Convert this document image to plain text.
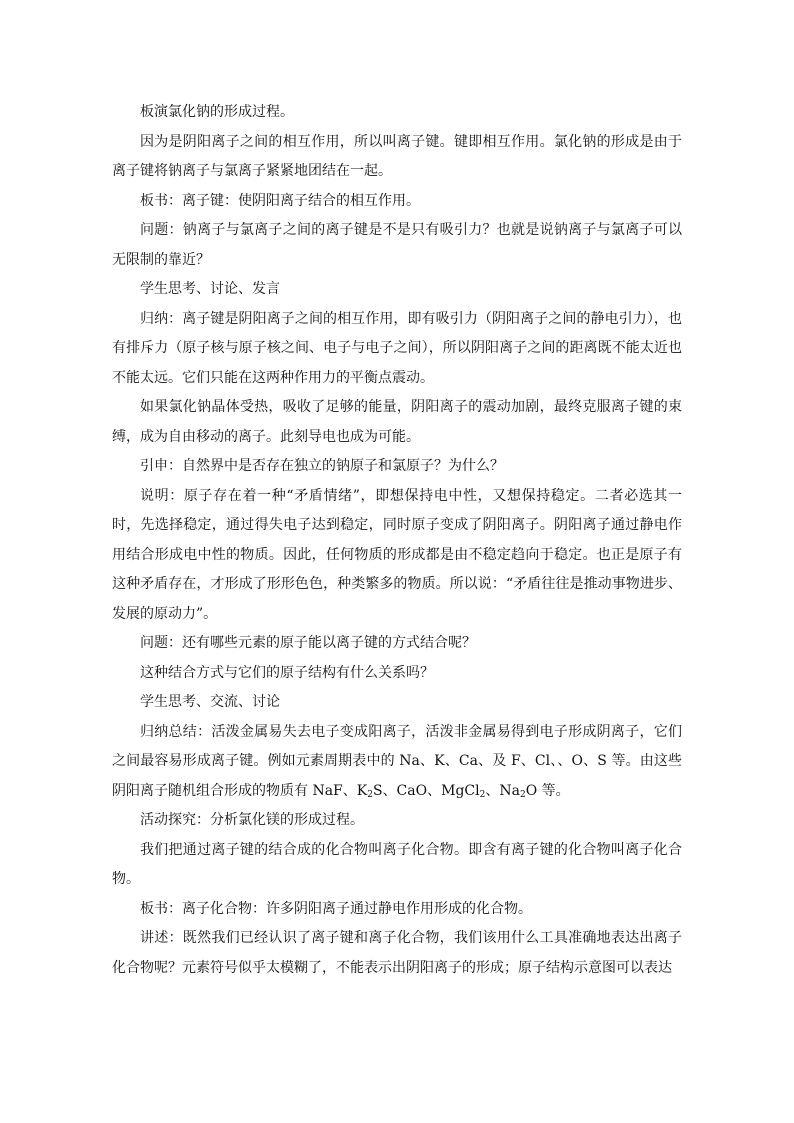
板演氯化钠的形成过程。

因为是阴阳离子之间的相互作用，所以叫离子键。键即相互作用。氯化钠的形成是由于离子键将钠离子与氯离子紧紧地团结在一起。

板书：离子键：使阴阳离子结合的相互作用。

问题：钠离子与氯离子之间的离子键是不是只有吸引力？也就是说钠离子与氯离子可以无限制的靠近？

学生思考、讨论、发言

归纳：离子键是阴阳离子之间的相互作用，即有吸引力（阴阳离子之间的静电引力），也有排斥力（原子核与原子核之间、电子与电子之间），所以阴阳离子之间的距离既不能太近也不能太远。它们只能在这两种作用力的平衡点震动。

如果氯化钠晶体受热，吸收了足够的能量，阴阳离子的震动加剧，最终克服离子键的束缚，成为自由移动的离子。此刻导电也成为可能。

引申：自然界中是否存在独立的钠原子和氯原子？为什么？

说明：原子存在着一种“矛盾情绪”，即想保持电中性，又想保持稳定。二者必选其一时，先选择稳定，通过得失电子达到稳定，同时原子变成了阴阳离子。阴阳离子通过静电作用结合形成电中性的物质。因此，任何物质的形成都是由不稳定趋向于稳定。也正是原子有这种矛盾存在，才形成了形形色色，种类繁多的物质。所以说：“矛盾往往是推动事物进步、发展的原动力”。

问题：还有哪些元素的原子能以离子键的方式结合呢？

这种结合方式与它们的原子结构有什么关系吗？

学生思考、交流、讨论

归纳总结：活泼金属易失去电子变成阳离子，活泼非金属易得到电子形成阴离子，它们之间最容易形成离子键。例如元素周期表中的 Na、K、Ca、及 F、Cl、、O、S 等。由这些阴阳离子随机组合形成的物质有 NaF、$K_2S$、CaO、MgCl$_2$、$Na_2O$ 等。

活动探究：分析氯化镁的形成过程。

我们把通过离子键的结合成的化合物叫离子化合物。即含有离子键的化合物叫离子化合物。

板书：离子化合物：许多阴阳离子通过静电作用形成的化合物。

讲述：既然我们已经认识了离子键和离子化合物，我们该用什么工具准确地表达出离子化合物呢？元素符号似乎太模糊了，不能表示出阴阳离子的形成；原子结构示意图可以表达
